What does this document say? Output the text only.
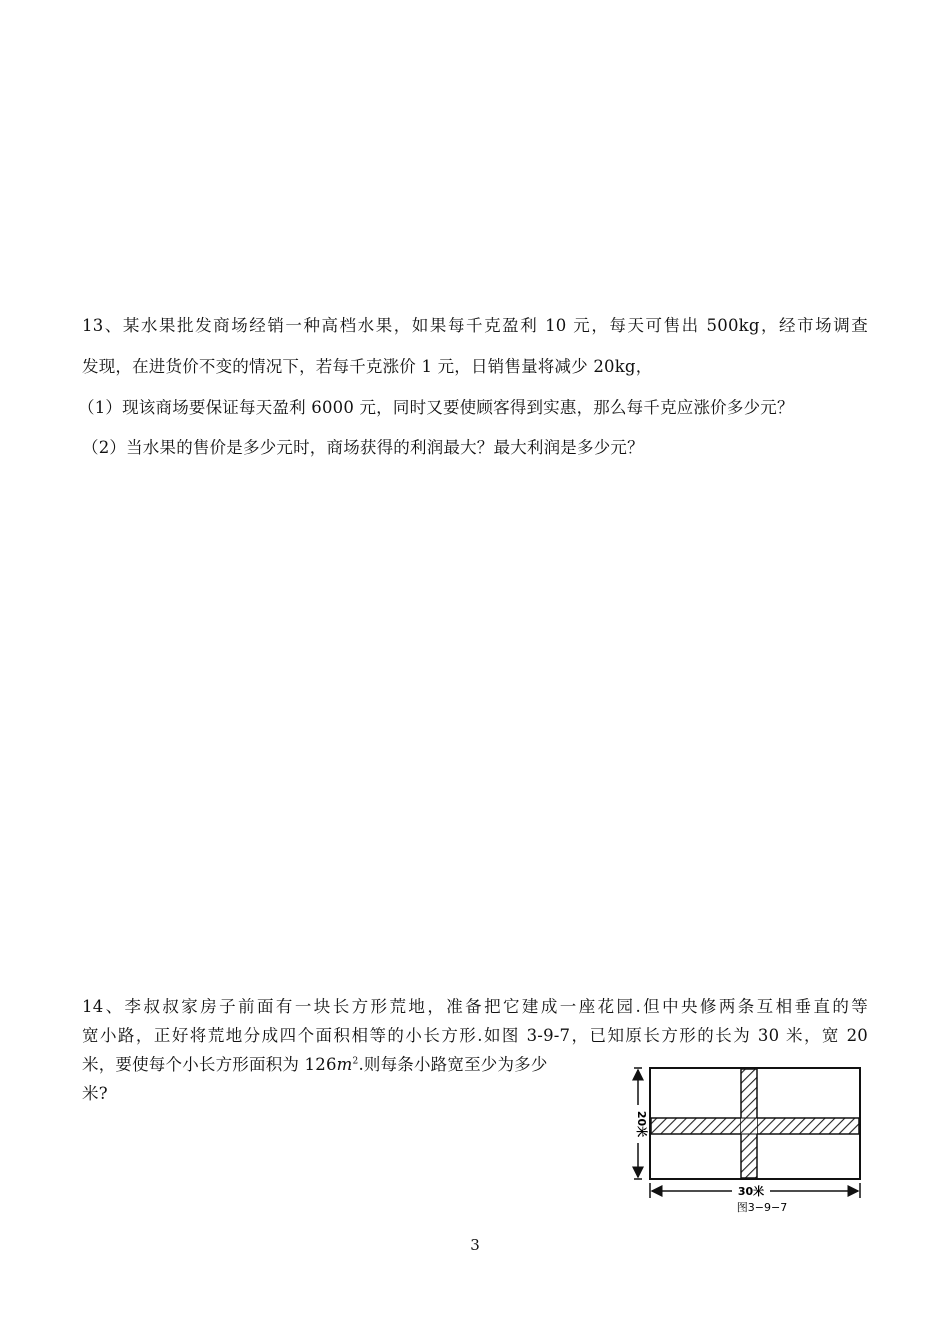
13、某水果批发商场经销一种高档水果，如果每千克盈利 10 元，每天可售出 500kg，经市场调查
发现，在进货价不变的情况下，若每千克涨价 1 元，日销售量将减少 20kg，
（1）现该商场要保证每天盈利 6000 元，同时又要使顾客得到实惠，那么每千克应涨价多少元？
（2）当水果的售价是多少元时，商场获得的利润最大？最大利润是多少元？
14、李叔叔家房子前面有一块长方形荒地，准备把它建成一座花园.但中央修两条互相垂直的等
宽小路，正好将荒地分成四个面积相等的小长方形.如图 3-9-7，已知原长方形的长为 30 米，宽 20
米，要使每个小长方形面积为 $126m^2$.则每条小路宽至少为多少
米?
20米
30米
图3−9−7
3
